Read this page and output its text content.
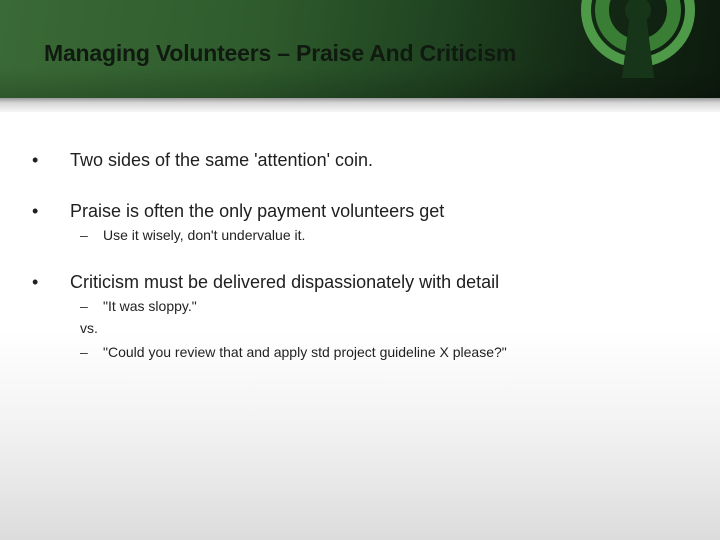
Managing Volunteers – Praise And Criticism
• Two sides of the same 'attention' coin.
• Praise is often the only payment volunteers get
– Use it wisely, don't undervalue it.
• Criticism must be delivered dispassionately with detail
– "It was sloppy."
vs.
– "Could you review that and apply std project guideline X please?"
